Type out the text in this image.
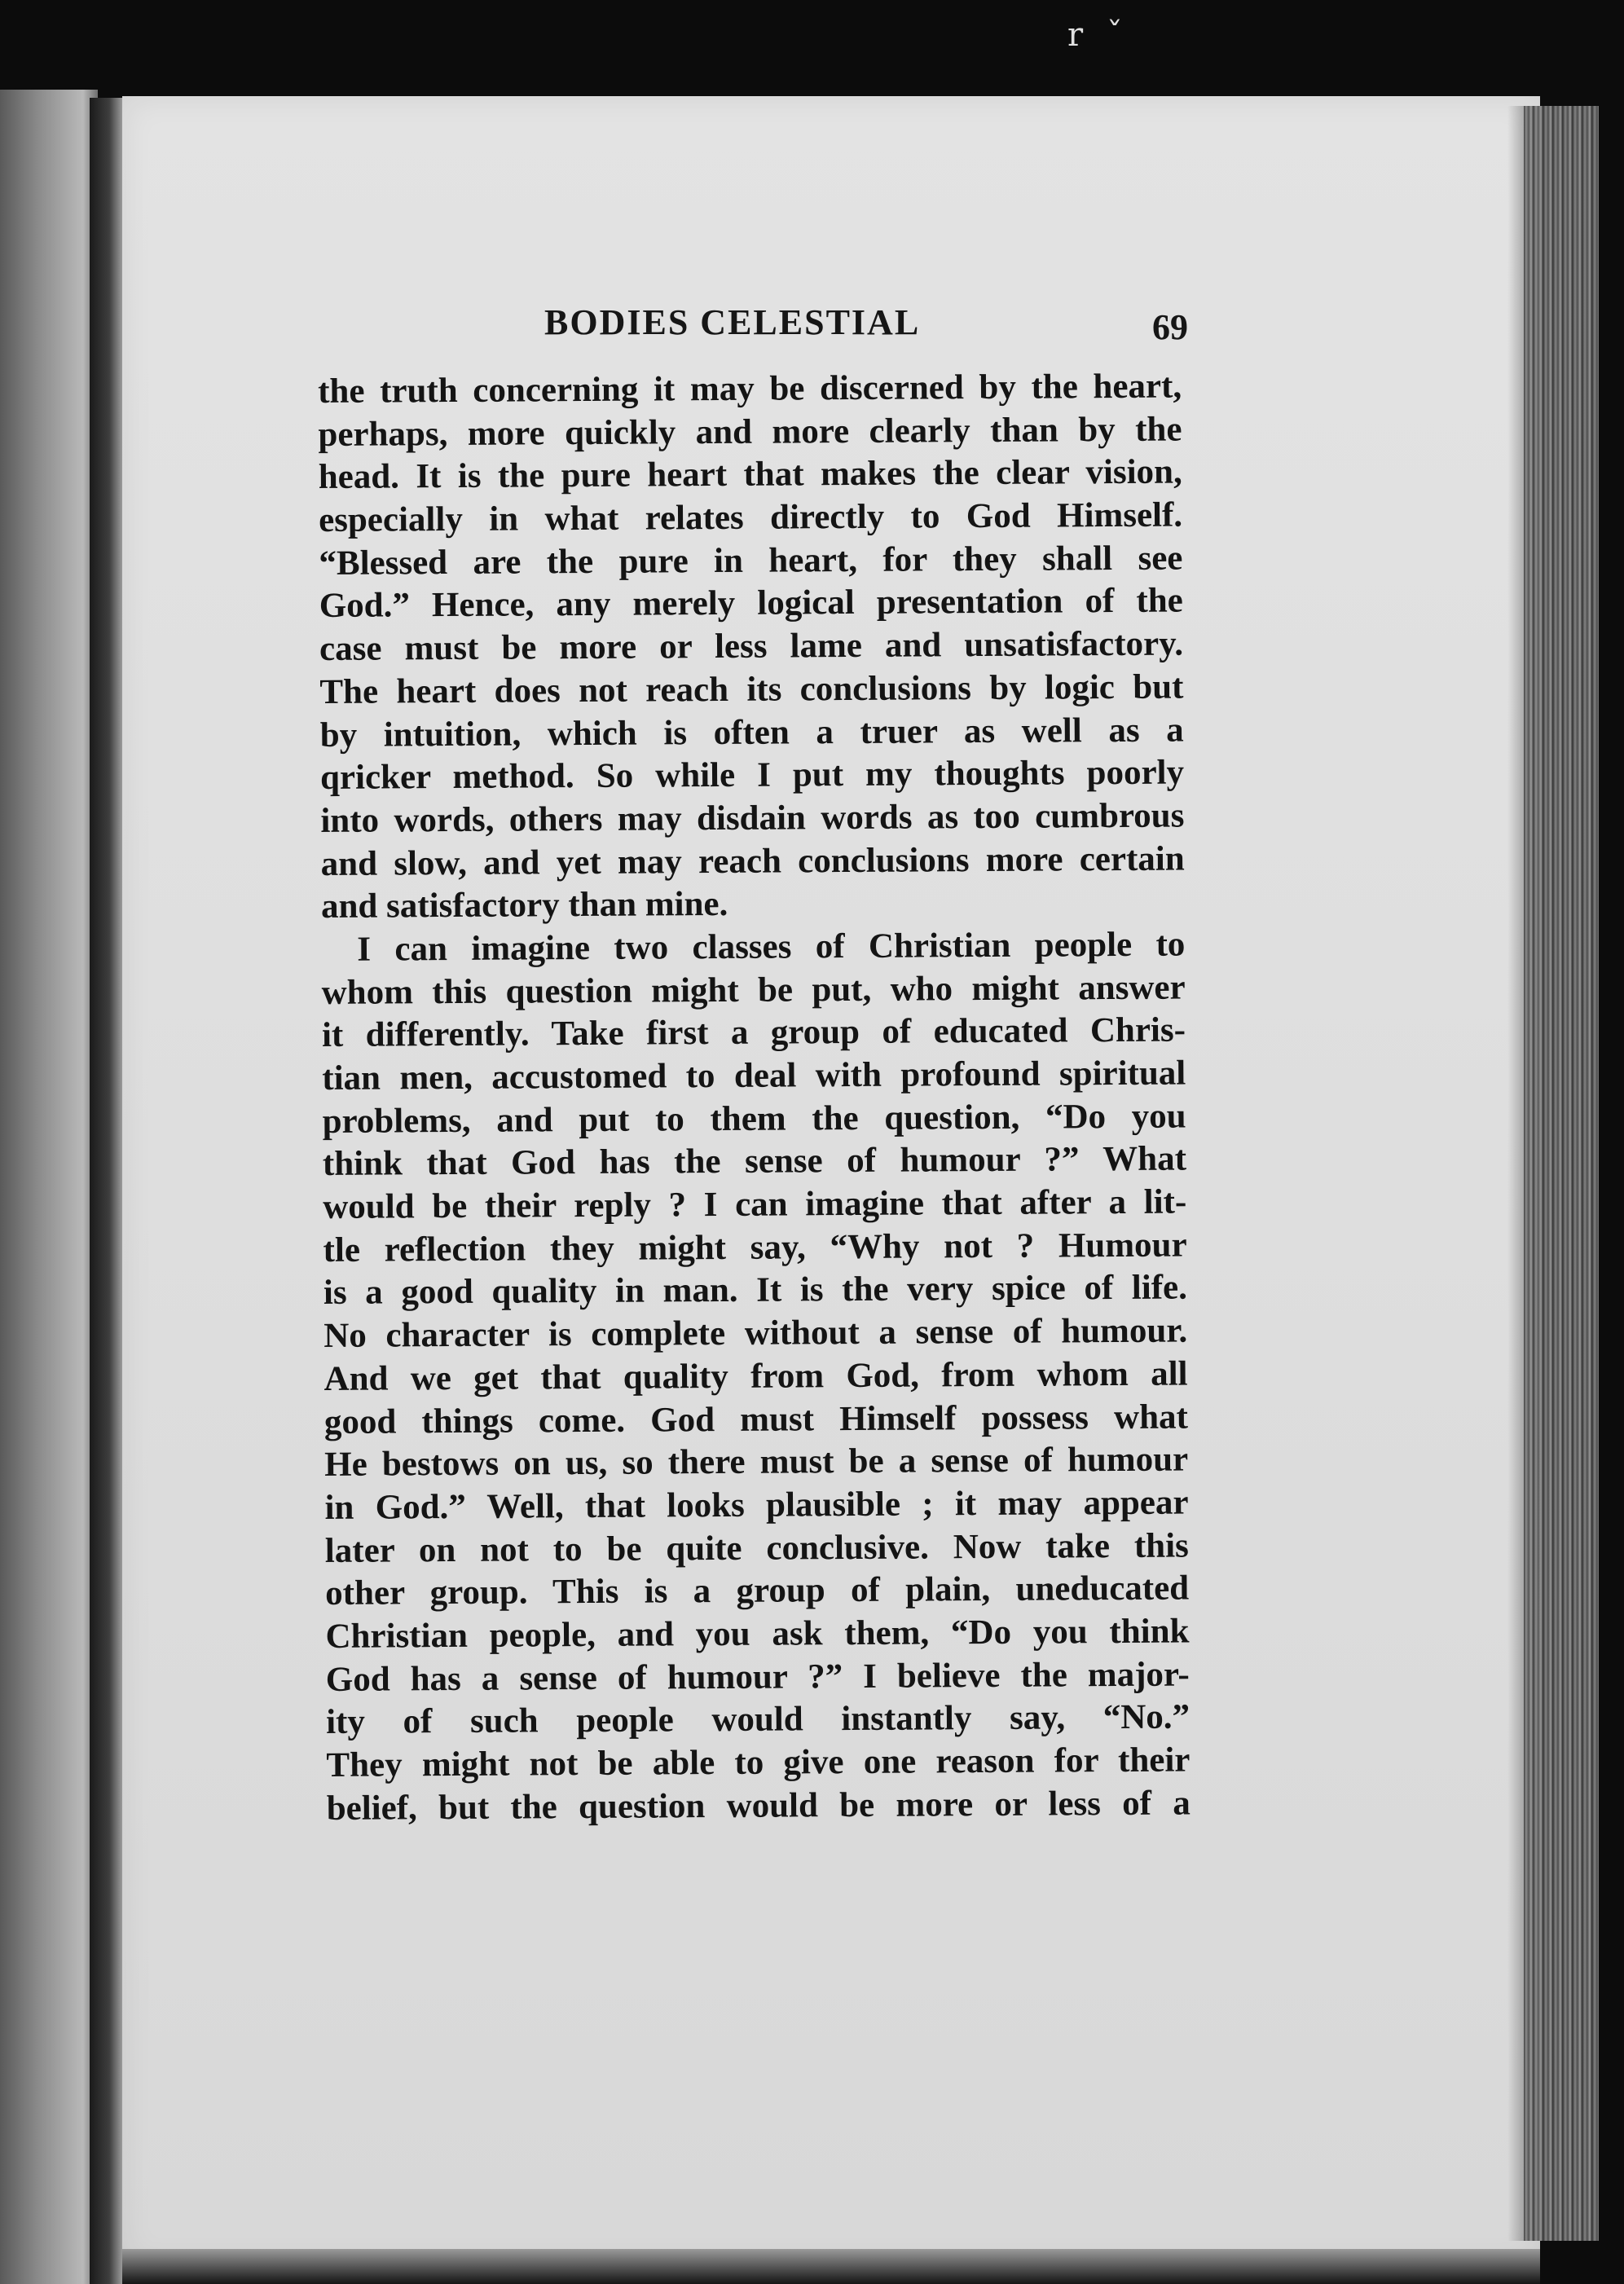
r ˇ
BODIES CELESTIAL	69
the truth concerning it may be discerned by the heart,
perhaps, more quickly and more clearly than by the
head. It is the pure heart that makes the clear vision,
especially in what relates directly to God Himself.
“Blessed are the pure in heart, for they shall see
God.” Hence, any merely logical presentation of the
case must be more or less lame and unsatisfactory.
The heart does not reach its conclusions by logic but
by intuition, which is often a truer as well as a
qricker method. So while I put my thoughts poorly
into words, others may disdain words as too cumbrous
and slow, and yet may reach conclusions more certain
and satisfactory than mine.
I can imagine two classes of Christian people to
whom this question might be put, who might answer
it differently. Take first a group of educated Chris-
tian men, accustomed to deal with profound spiritual
problems, and put to them the question, “Do you
think that God has the sense of humour ?” What
would be their reply ? I can imagine that after a lit-
tle reflection they might say, “Why not ? Humour
is a good quality in man. It is the very spice of life.
No character is complete without a sense of humour.
And we get that quality from God, from whom all
good things come. God must Himself possess what
He bestows on us, so there must be a sense of humour
in God.” Well, that looks plausible ; it may appear
later on not to be quite conclusive. Now take this
other group. This is a group of plain, uneducated
Christian people, and you ask them, “Do you think
God has a sense of humour ?” I believe the major-
ity of such people would instantly say, “No.”
They might not be able to give one reason for their
belief, but the question would be more or less of a
